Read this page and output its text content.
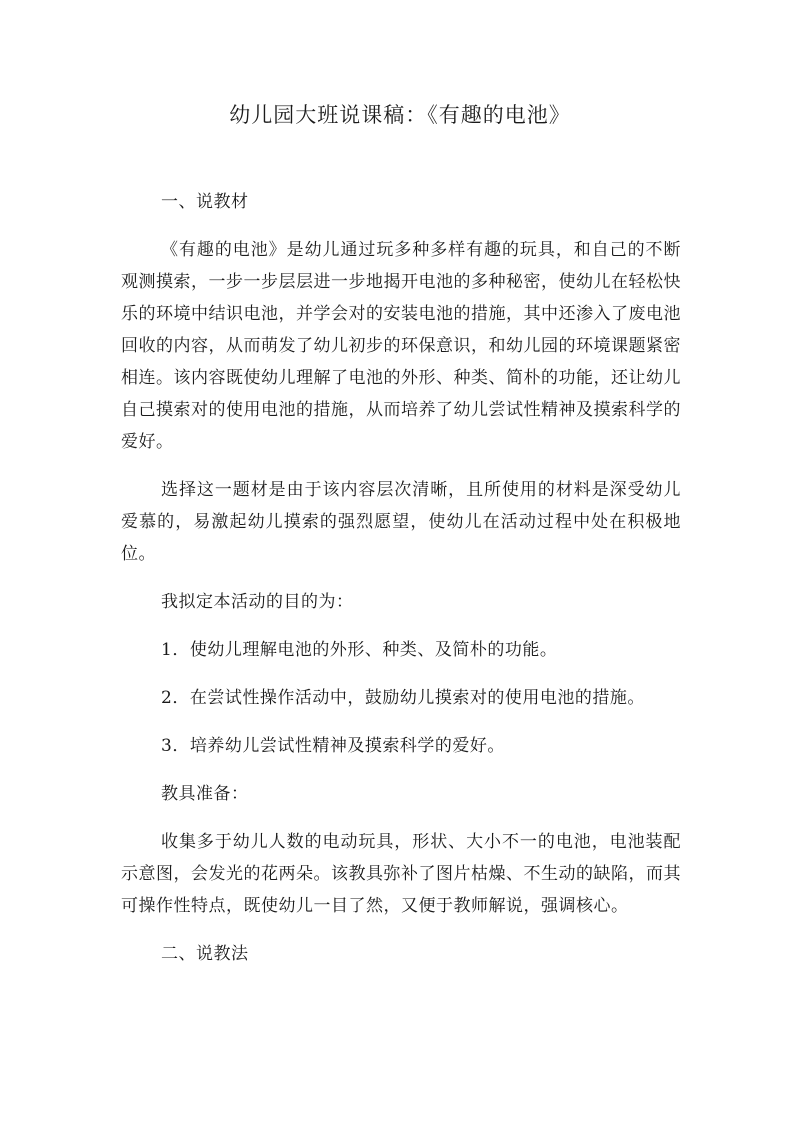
幼儿园大班说课稿：《有趣的电池》

一、说教材

《有趣的电池》是幼儿通过玩多种多样有趣的玩具，和自己的不断观测摸索，一步一步层层进一步地揭开电池的多种秘密，使幼儿在轻松快乐的环境中结识电池，并学会对的安装电池的措施，其中还渗入了废电池回收的内容，从而萌发了幼儿初步的环保意识，和幼儿园的环境课题紧密相连。该内容既使幼儿理解了电池的外形、种类、简朴的功能，还让幼儿自己摸索对的使用电池的措施，从而培养了幼儿尝试性精神及摸索科学的爱好。

选择这一题材是由于该内容层次清晰，且所使用的材料是深受幼儿爱慕的，易激起幼儿摸索的强烈愿望，使幼儿在活动过程中处在积极地位。

我拟定本活动的目的为：

1．使幼儿理解电池的外形、种类、及简朴的功能。

2．在尝试性操作活动中，鼓励幼儿摸索对的使用电池的措施。

3．培养幼儿尝试性精神及摸索科学的爱好。

教具准备：

收集多于幼儿人数的电动玩具，形状、大小不一的电池，电池装配示意图，会发光的花两朵。该教具弥补了图片枯燥、不生动的缺陷，而其可操作性特点，既使幼儿一目了然，又便于教师解说，强调核心。

二、说教法
